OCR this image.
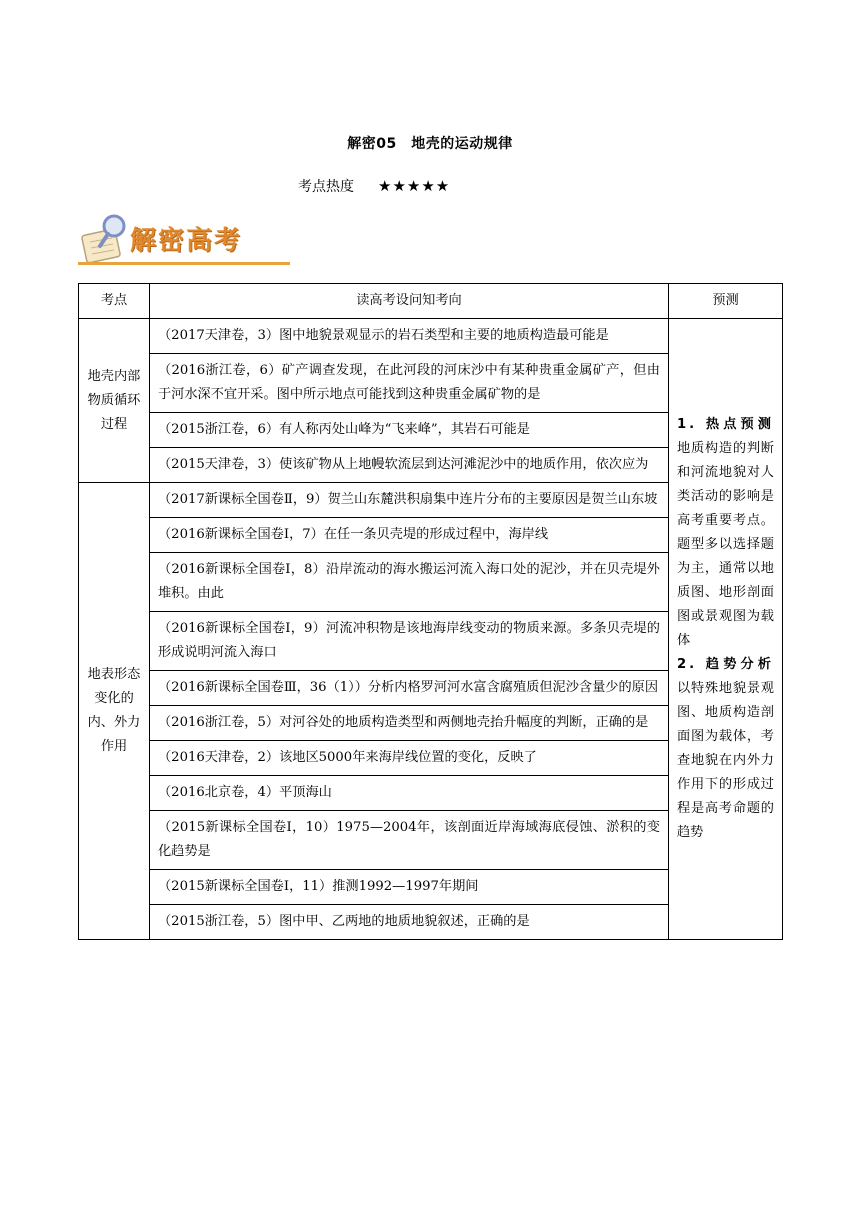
解密05　地壳的运动规律
考点热度 ★★★★★
解密高考
考点	读高考设问知考向	预测
地壳内部物质循环过程	（2017天津卷，3）图中地貌景观显示的岩石类型和主要的地质构造最可能是	1. 热点预测地质构造的判断和河流地貌对人类活动的影响是高考重要考点。题型多以选择题为主，通常以地质图、地形剖面图或景观图为载体
2. 趋势分析以特殊地貌景观图、地质构造剖面图为载体，考查地貌在内外力作用下的形成过程是高考命题的趋势
	（2016浙江卷，6）矿产调查发现，在此河段的河床沙中有某种贵重金属矿产，但由于河水深不宜开采。图中所示地点可能找到这种贵重金属矿物的是	
	（2015浙江卷，6）有人称丙处山峰为“飞来峰”，其岩石可能是	
	（2015天津卷，3）使该矿物从上地幔软流层到达河滩泥沙中的地质作用，依次应为	
地表形态变化的内、外力作用	（2017新课标全国卷Ⅱ，9）贺兰山东麓洪积扇集中连片分布的主要原因是贺兰山东坡	
	（2016新课标全国卷Ⅰ，7）在任一条贝壳堤的形成过程中，海岸线	
	（2016新课标全国卷Ⅰ，8）沿岸流动的海水搬运河流入海口处的泥沙，并在贝壳堤外堆积。由此	
	（2016新课标全国卷Ⅰ，9）河流冲积物是该地海岸线变动的物质来源。多条贝壳堤的形成说明河流入海口	
	（2016新课标全国卷Ⅲ，36（1））分析内格罗河河水富含腐殖质但泥沙含量少的原因	
	（2016浙江卷，5）对河谷处的地质构造类型和两侧地壳抬升幅度的判断，正确的是	
	（2016天津卷，2）该地区5000年来海岸线位置的变化，反映了	
	（2016北京卷，4）平顶海山	
	（2015新课标全国卷Ⅰ，10）1975—2004年，该剖面近岸海域海底侵蚀、淤积的变化趋势是	
	（2015新课标全国卷Ⅰ，11）推测1992—1997年期间	
	（2015浙江卷，5）图中甲、乙两地的地质地貌叙述，正确的是	
